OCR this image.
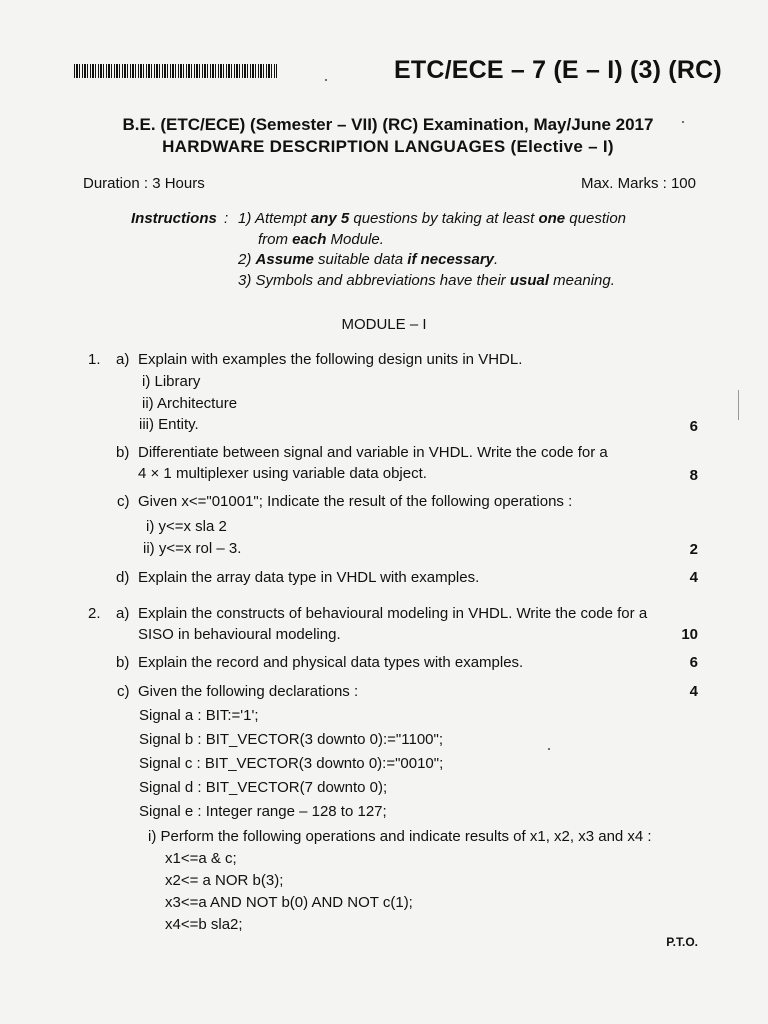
ETC/ECE – 7 (E – I) (3) (RC)
B.E. (ETC/ECE) (Semester – VII) (RC) Examination, May/June 2017
HARDWARE DESCRIPTION LANGUAGES (Elective – I)
Duration : 3 Hours	Max. Marks : 100
Instructions : 1) Attempt any 5 questions by taking at least one question
from each Module.
2) Assume suitable data if necessary.
3) Symbols and abbreviations have their usual meaning.
MODULE – I
1. a) Explain with examples the following design units in VHDL.
i) Library
ii) Architecture
iii) Entity.	6
b) Differentiate between signal and variable in VHDL. Write the code for a
4 × 1 multiplexer using variable data object.	8
c) Given x<="01001"; Indicate the result of the following operations :
i) y<=x sla 2
ii) y<=x rol – 3.	2
d) Explain the array data type in VHDL with examples.	4
2. a) Explain the constructs of behavioural modeling in VHDL. Write the code for a
SISO in behavioural modeling.	10
b) Explain the record and physical data types with examples.	6
c) Given the following declarations :	4
Signal a : BIT:='1';
Signal b : BIT_VECTOR(3 downto 0):="1100";
Signal c : BIT_VECTOR(3 downto 0):="0010";
Signal d : BIT_VECTOR(7 downto 0);
Signal e : Integer range – 128 to 127;
i) Perform the following operations and indicate results of x1, x2, x3 and x4 :
x1<=a & c;
x2<= a NOR b(3);
x3<=a AND NOT b(0) AND NOT c(1);
x4<=b sla2;
P.T.O.
